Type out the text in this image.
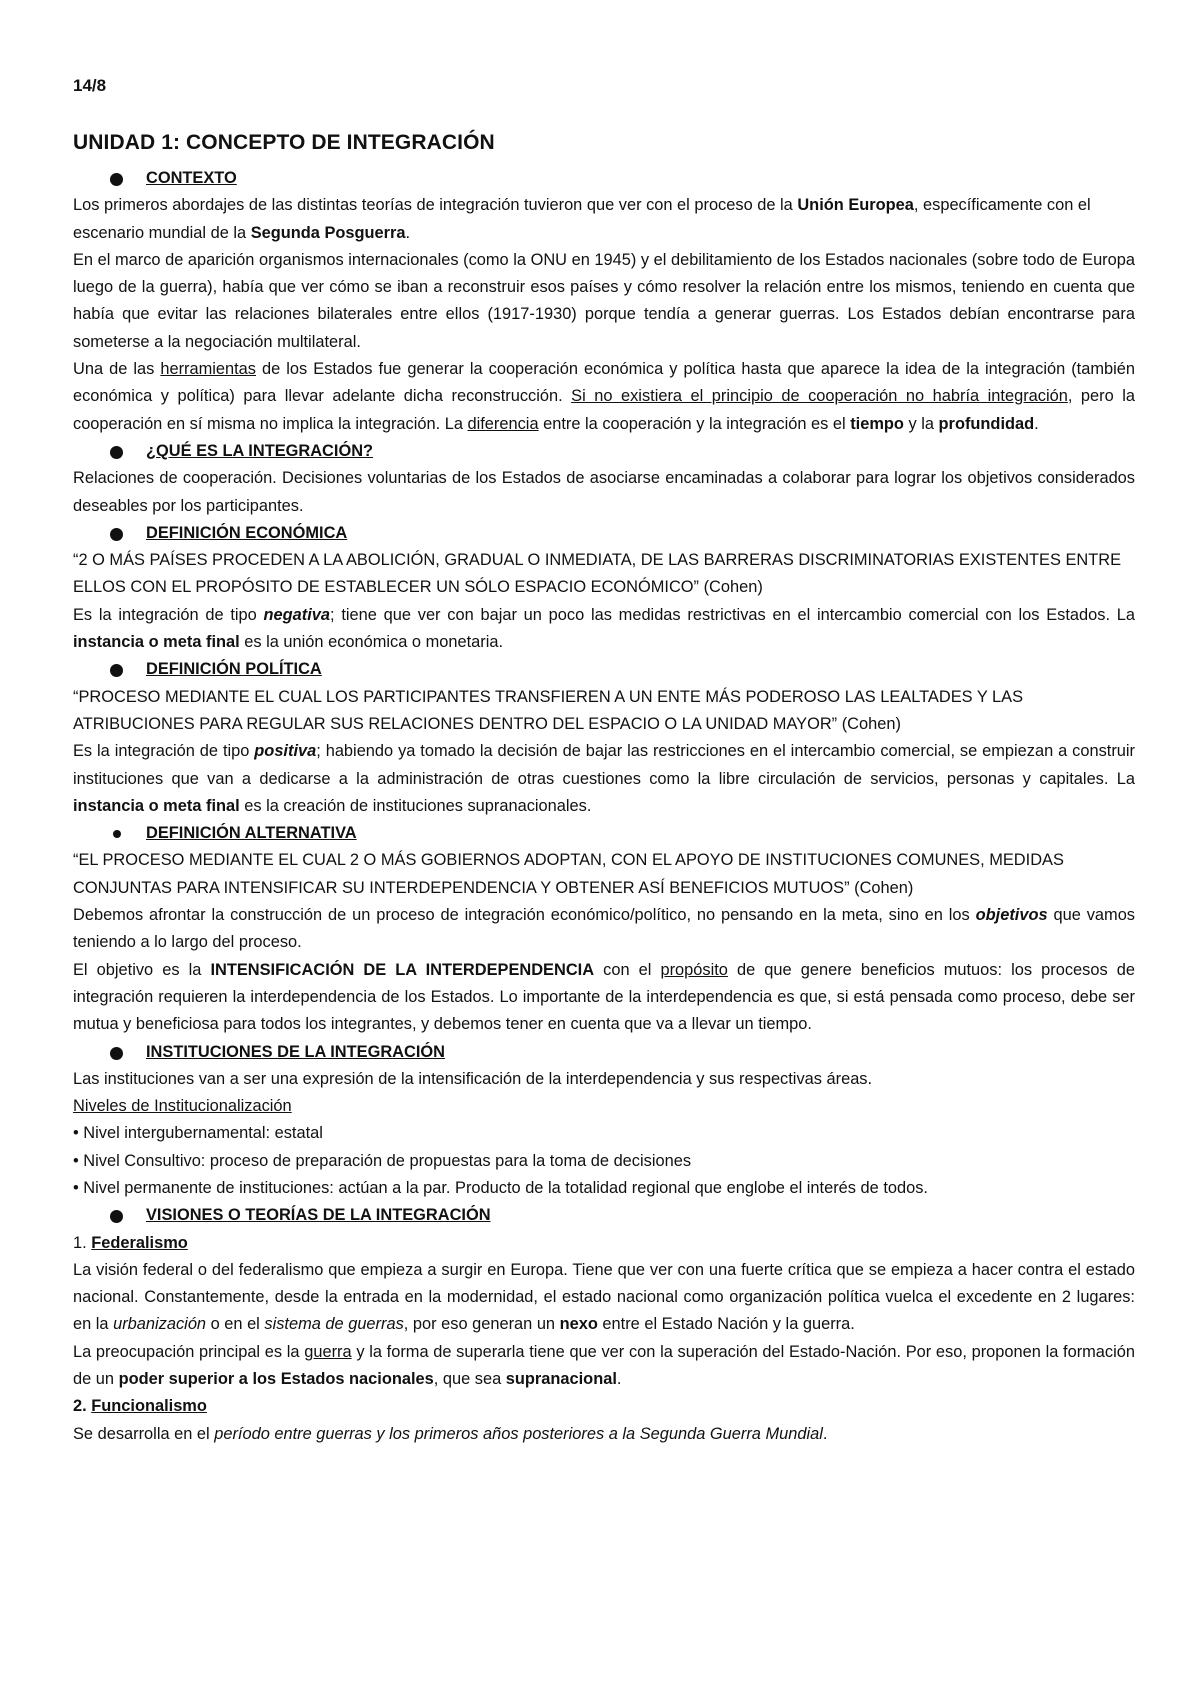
14/8
UNIDAD 1: CONCEPTO DE INTEGRACIÓN
CONTEXTO

Los primeros abordajes de las distintas teorías de integración tuvieron que ver con el proceso de la Unión Europea, específicamente con el escenario mundial de la Segunda Posguerra.

En el marco de aparición organismos internacionales (como la ONU en 1945) y el debilitamiento de los Estados nacionales (sobre todo de Europa luego de la guerra), había que ver cómo se iban a reconstruir esos países y cómo resolver la relación entre los mismos, teniendo en cuenta que había que evitar las relaciones bilaterales entre ellos (1917-1930) porque tendía a generar guerras. Los Estados debían encontrarse para someterse a la negociación multilateral.

Una de las herramientas de los Estados fue generar la cooperación económica y política hasta que aparece la idea de la integración (también económica y política) para llevar adelante dicha reconstrucción. Si no existiera el principio de cooperación no habría integración, pero la cooperación en sí misma no implica la integración. La diferencia entre la cooperación y la integración es el tiempo y la profundidad.

¿QUÉ ES LA INTEGRACIÓN?

Relaciones de cooperación. Decisiones voluntarias de los Estados de asociarse encaminadas a colaborar para lograr los objetivos considerados deseables por los participantes.

DEFINICIÓN ECONÓMICA

“2 O MÁS PAÍSES PROCEDEN A LA ABOLICIÓN, GRADUAL O INMEDIATA, DE LAS BARRERAS DISCRIMINATORIAS EXISTENTES ENTRE ELLOS CON EL PROPÓSITO DE ESTABLECER UN SÓLO ESPACIO ECONÓMICO” (Cohen)

Es la integración de tipo negativa; tiene que ver con bajar un poco las medidas restrictivas en el intercambio comercial con los Estados. La instancia o meta final es la unión económica o monetaria.

DEFINICIÓN POLÍTICA

“PROCESO MEDIANTE EL CUAL LOS PARTICIPANTES TRANSFIEREN A UN ENTE MÁS PODEROSO LAS LEALTADES Y LAS ATRIBUCIONES PARA REGULAR SUS RELACIONES DENTRO DEL ESPACIO O LA UNIDAD MAYOR” (Cohen)

Es la integración de tipo positiva; habiendo ya tomado la decisión de bajar las restricciones en el intercambio comercial, se empiezan a construir instituciones que van a dedicarse a la administración de otras cuestiones como la libre circulación de servicios, personas y capitales. La instancia o meta final es la creación de instituciones supranacionales.

DEFINICIÓN ALTERNATIVA

“EL PROCESO MEDIANTE EL CUAL 2 O MÁS GOBIERNOS ADOPTAN, CON EL APOYO DE INSTITUCIONES COMUNES, MEDIDAS CONJUNTAS PARA INTENSIFICAR SU INTERDEPENDENCIA Y OBTENER ASÍ BENEFICIOS MUTUOS” (Cohen)

Debemos afrontar la construcción de un proceso de integración económico/político, no pensando en la meta, sino en los objetivos que vamos teniendo a lo largo del proceso.

El objetivo es la INTENSIFICACIÓN DE LA INTERDEPENDENCIA con el propósito de que genere beneficios mutuos: los procesos de integración requieren la interdependencia de los Estados. Lo importante de la interdependencia es que, si está pensada como proceso, debe ser mutua y beneficiosa para todos los integrantes, y debemos tener en cuenta que va a llevar un tiempo.

INSTITUCIONES DE LA INTEGRACIÓN

Las instituciones van a ser una expresión de la intensificación de la interdependencia y sus respectivas áreas.

Niveles de Institucionalización

• Nivel intergubernamental: estatal

• Nivel Consultivo: proceso de preparación de propuestas para la toma de decisiones

• Nivel permanente de instituciones: actúan a la par. Producto de la totalidad regional que englobe el interés de todos.

VISIONES O TEORÍAS DE LA INTEGRACIÓN

1. Federalismo

La visión federal o del federalismo que empieza a surgir en Europa. Tiene que ver con una fuerte crítica que se empieza a hacer contra el estado nacional. Constantemente, desde la entrada en la modernidad, el estado nacional como organización política vuelca el excedente en 2 lugares: en la urbanización o en el sistema de guerras, por eso generan un nexo entre el Estado Nación y la guerra.

La preocupación principal es la guerra y la forma de superarla tiene que ver con la superación del Estado-Nación. Por eso, proponen la formación de un poder superior a los Estados nacionales, que sea supranacional.

2. Funcionalismo

Se desarrolla en el período entre guerras y los primeros años posteriores a la Segunda Guerra Mundial.
